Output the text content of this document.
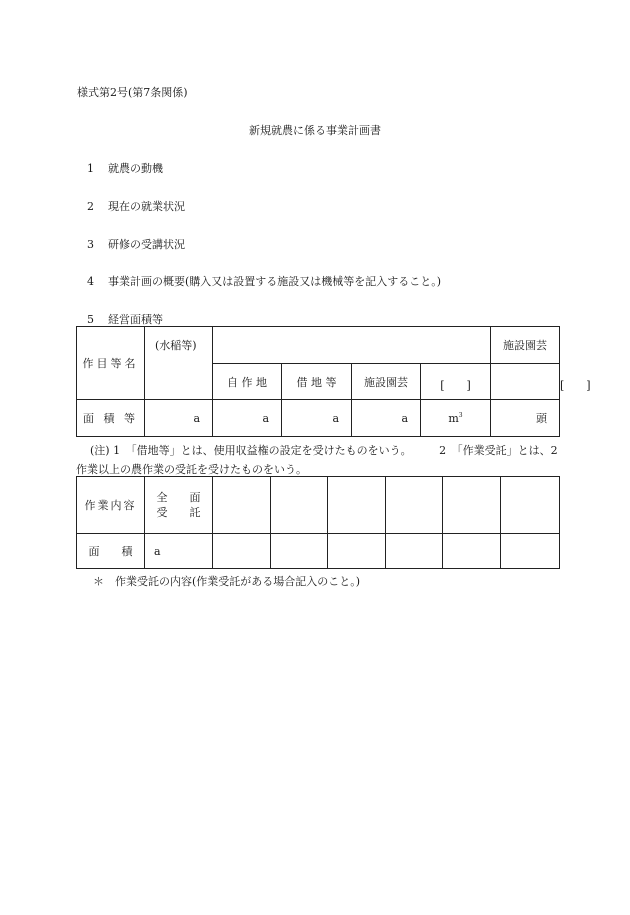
様式第2号(第7条関係)
新規就農に係る事業計画書
1 就農の動機
2 現在の就業状況
3 研修の受講状況
4 事業計画の概要(購入又は設置する施設又は機械等を記入すること。)
5 経営面積等
作目等名	(水稲等)					施設園芸	[　　]
		自 作 地	借 地 等	施設園芸	[　　]		
面 積 等	a	a	a	a	$m^3$	頭	
(注) 1　「借地等」とは、使用収益権の設定を受けたものをいう。　　　2　「作業受託」とは、2作業以上の農作業の受託を受けたものをいう。
作業内容	全　　面
受　　託						

面　　積	a						
＊　作業受託の内容(作業受託がある場合記入のこと。)
